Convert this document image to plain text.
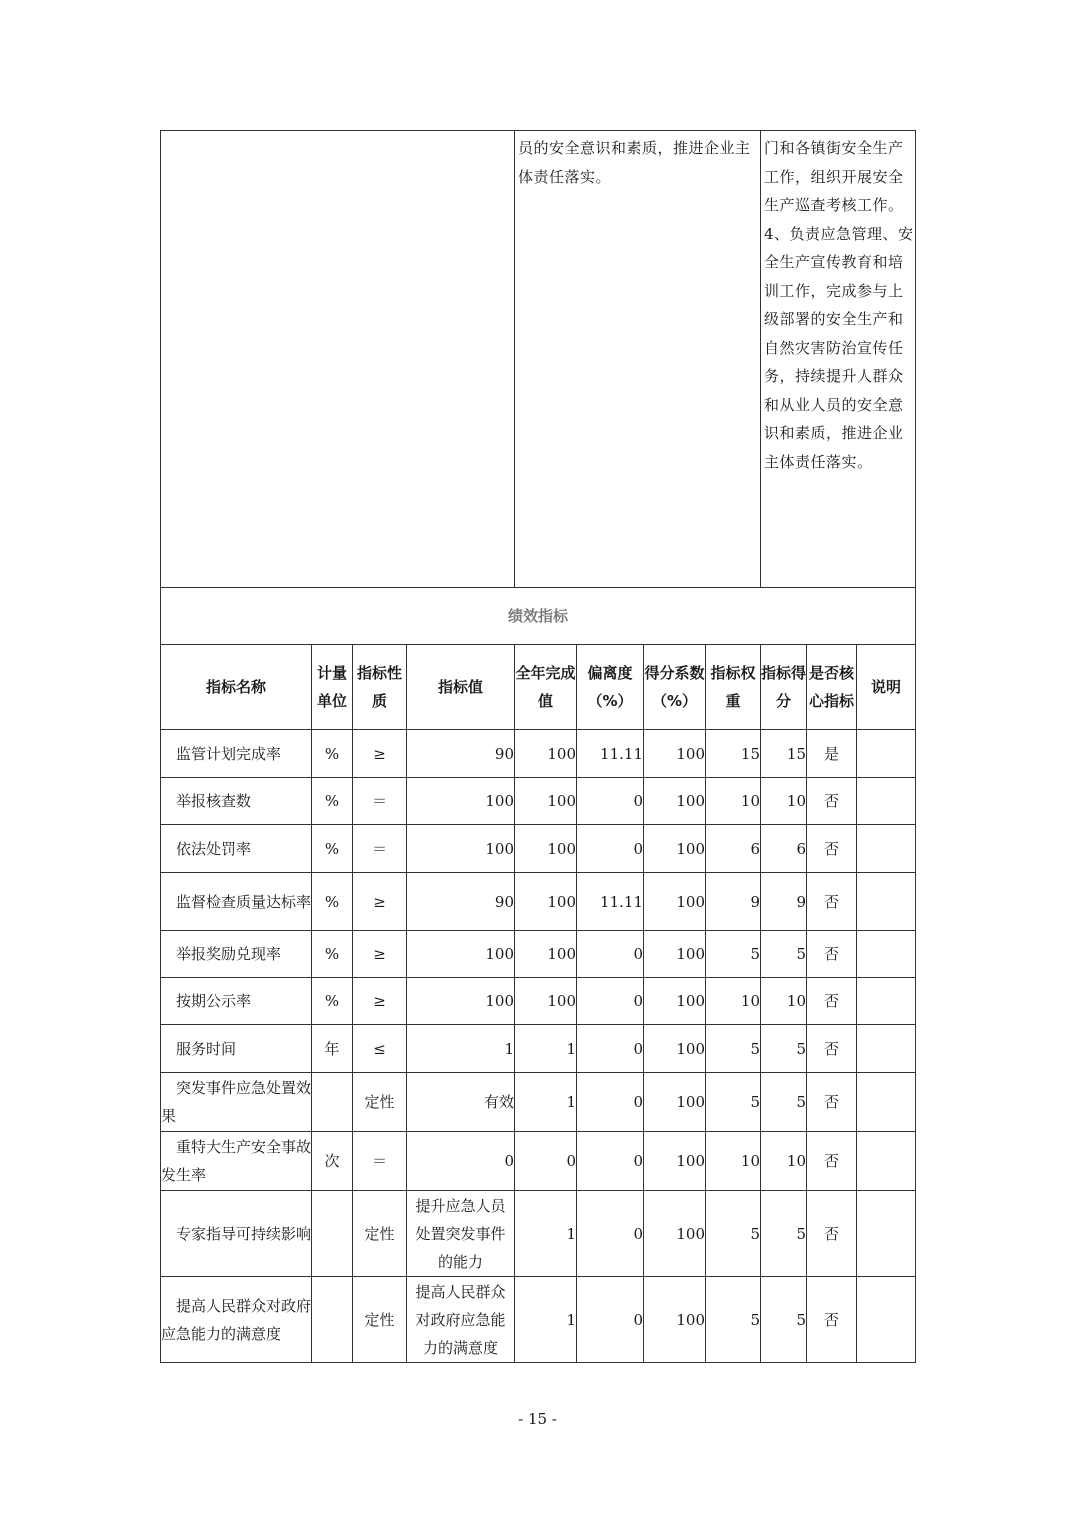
				员的安全意识和素质，推进企业主体责任落实。				门和各镇街安全生产工作，组织开展安全生产巡查考核工作。
4、负责应急管理、安全生产宣传教育和培训工作，完成参与上级部署的安全生产和自然灾害防治宣传任务，持续提升人群众和从业人员的安全意识和素质，推进企业主体责任落实。		

绩效指标										
指标名称	计量单位	指标性质	指标值	全年完成值	偏离度（%）	得分系数（%）	指标权重	指标得分	是否核心指标	说明
监管计划完成率	%	≥	90	100	11.11	100	15	15	是	
举报核查数	%	＝	100	100	0	100	10	10	否	
依法处罚率	%	＝	100	100	0	100	6	6	否	
监督检查质量达标率	%	≥	90	100	11.11	100	9	9	否	
举报奖励兑现率	%	≥	100	100	0	100	5	5	否	
按期公示率	%	≥	100	100	0	100	10	10	否	
服务时间	年	≤	1	1	0	100	5	5	否	
突发事件应急处置效果		定性	有效	1	0	100	5	5	否	
重特大生产安全事故发生率	次	＝	0	0	0	100	10	10	否	
专家指导可持续影响		定性	提升应急人员处置突发事件的能力	1	0	100	5	5	否	
提高人民群众对政府应急能力的满意度		定性	提高人民群众对政府应急能力的满意度	1	0	100	5	5	否	
- 15 -
